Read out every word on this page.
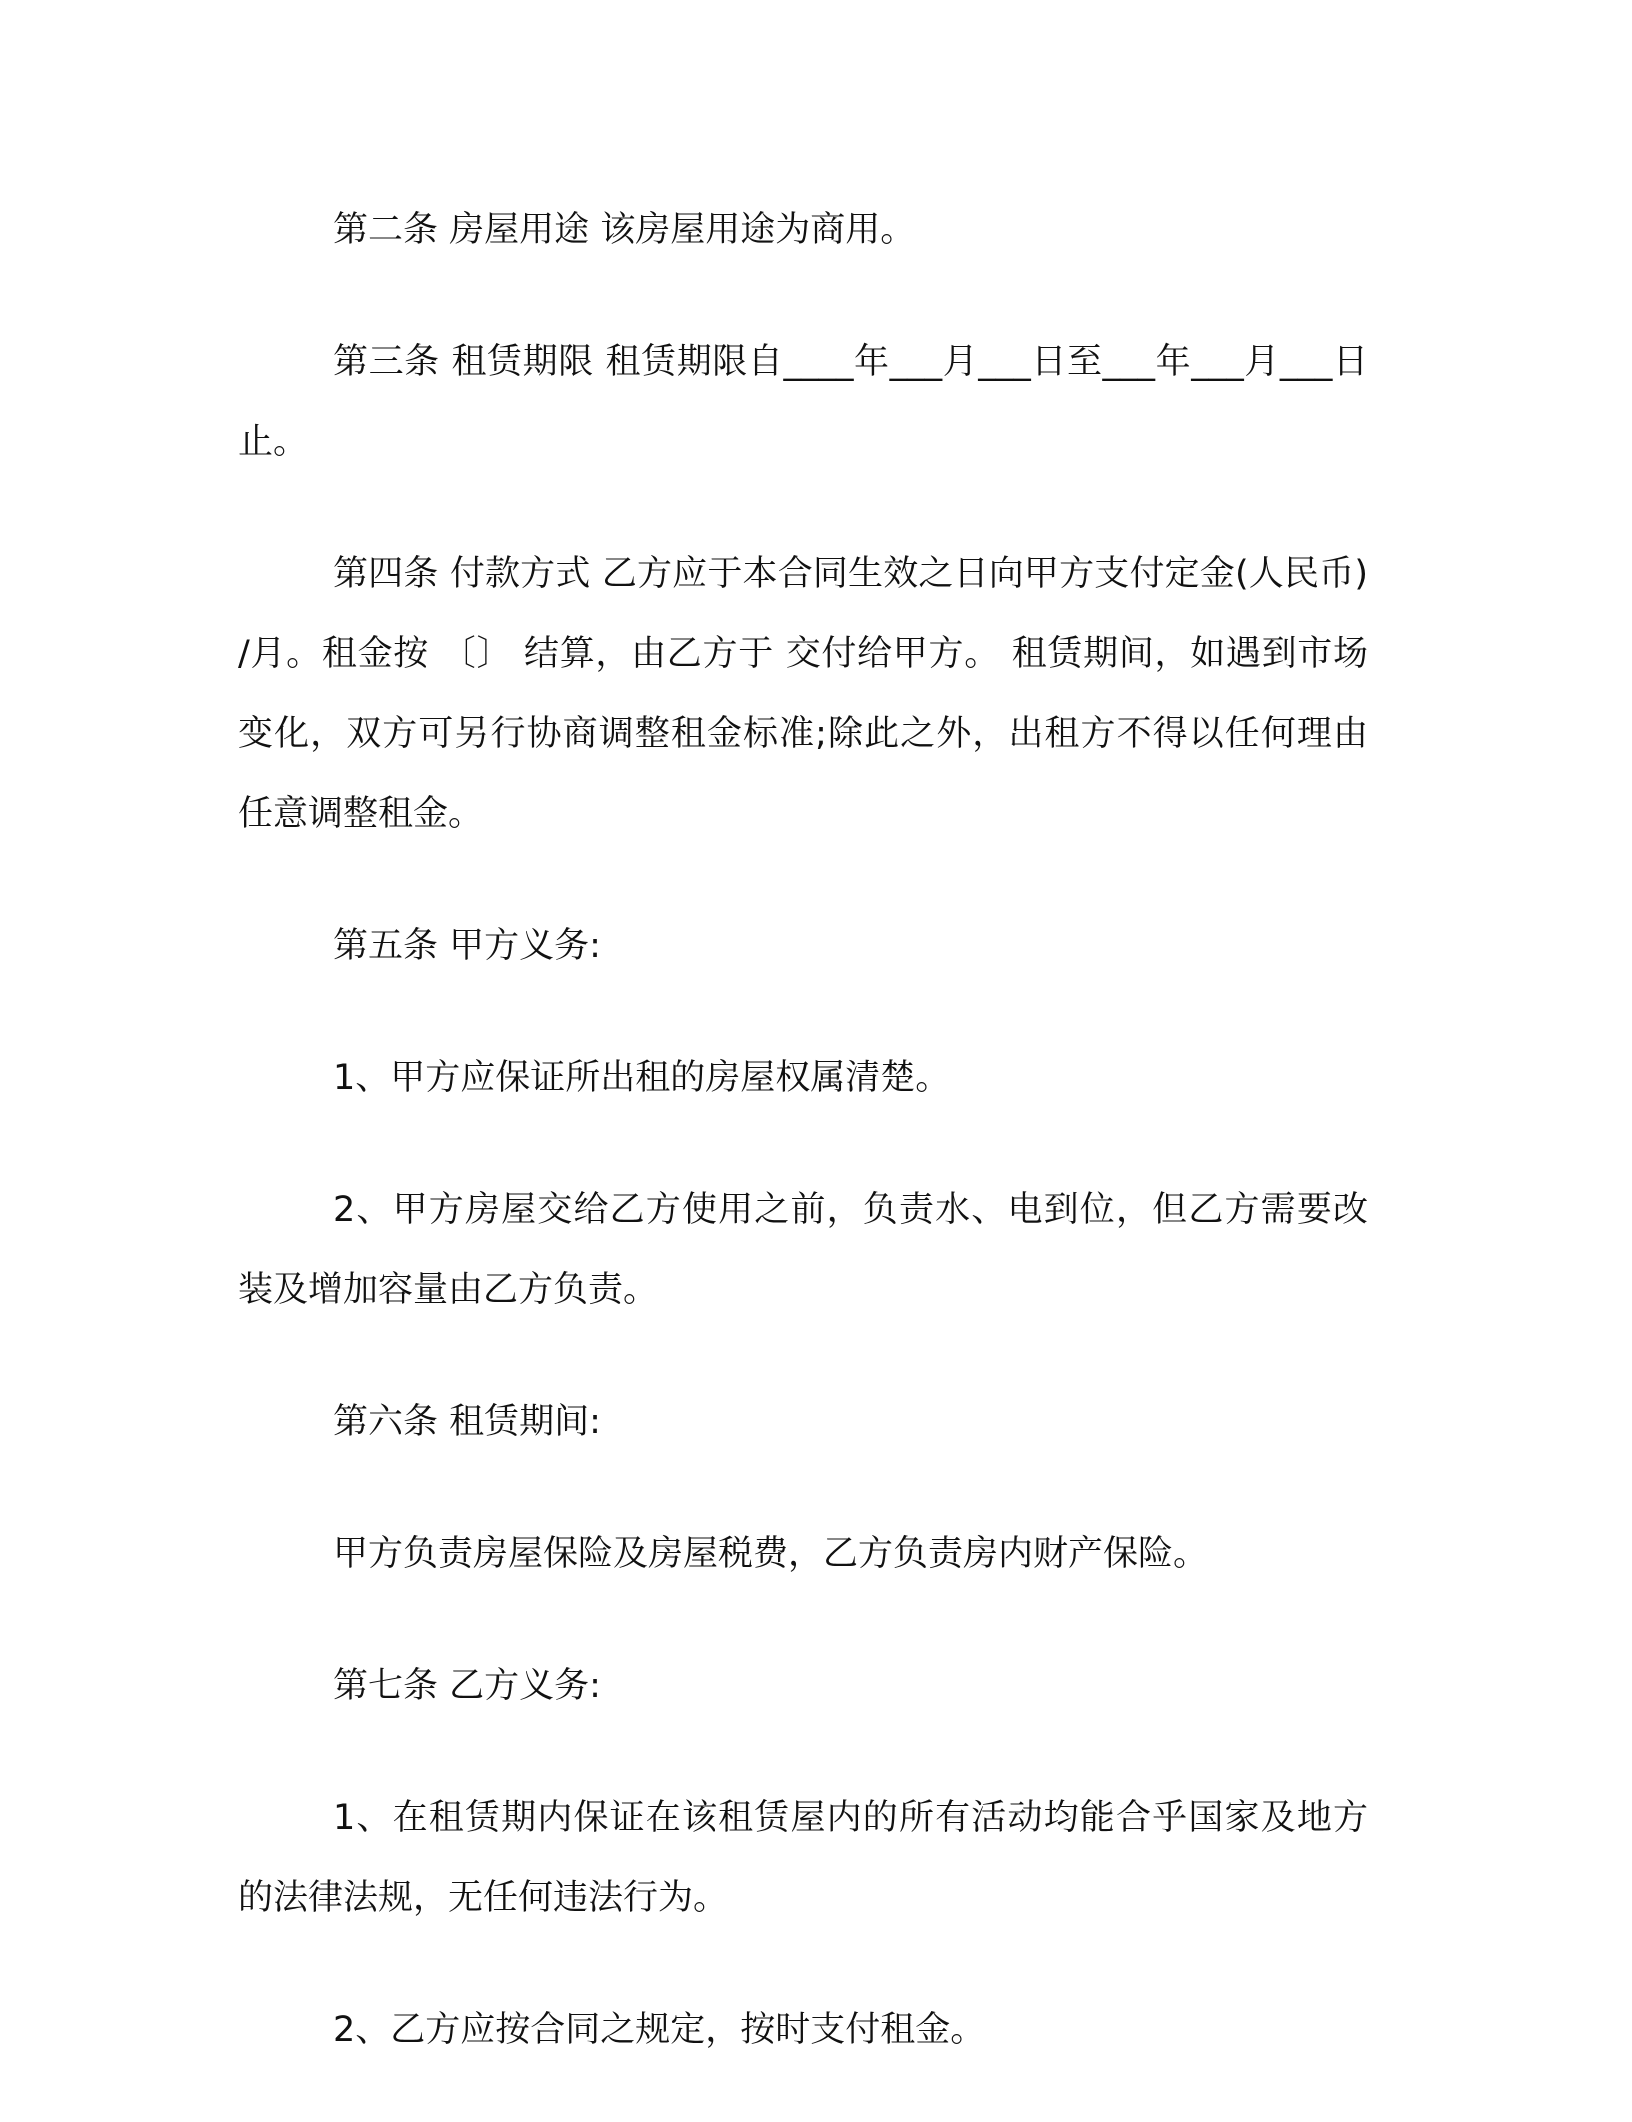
第二条 房屋用途 该房屋用途为商用。

第三条 租赁期限 租赁期限自____年___月___日至___年___月___日止。

第四条 付款方式 乙方应于本合同生效之日向甲方支付定金(人民币) /月。租金按 〔〕 结算，由乙方于 交付给甲方。 租赁期间，如遇到市场变化，双方可另行协商调整租金标准;除此之外，出租方不得以任何理由任意调整租金。

第五条 甲方义务:

1、甲方应保证所出租的房屋权属清楚。

2、甲方房屋交给乙方使用之前，负责水、电到位，但乙方需要改装及增加容量由乙方负责。

第六条 租赁期间:

甲方负责房屋保险及房屋税费，乙方负责房内财产保险。

第七条 乙方义务:

1、在租赁期内保证在该租赁屋内的所有活动均能合乎国家及地方的法律法规，无任何违法行为。

2、乙方应按合同之规定，按时支付租金。
